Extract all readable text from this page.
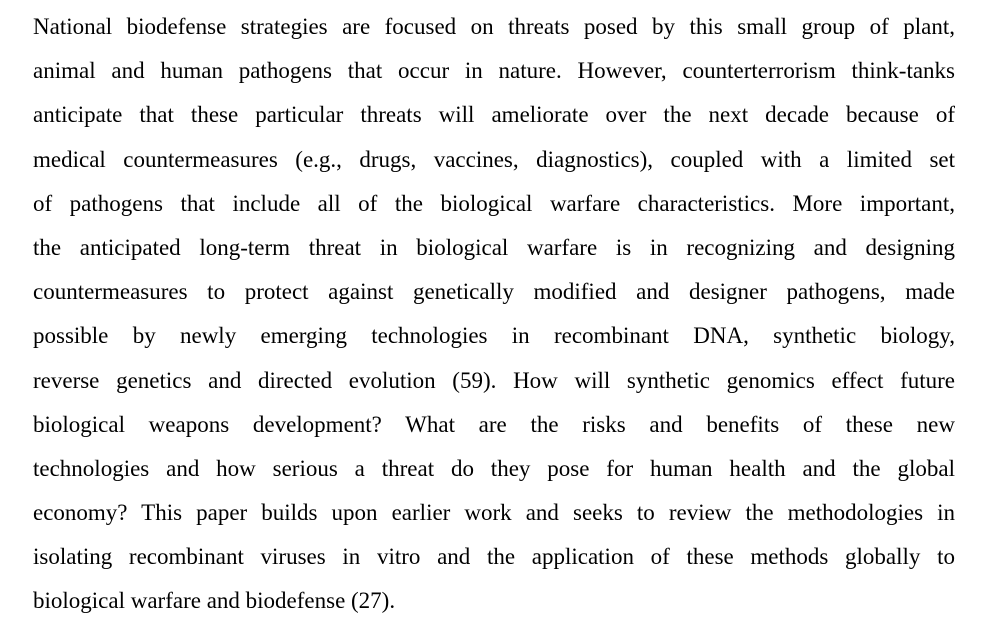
National biodefense strategies are focused on threats posed by this small group of plant,
animal and human pathogens that occur in nature. However, counterterrorism think-tanks
anticipate that these particular threats will ameliorate over the next decade because of
medical countermeasures (e.g., drugs, vaccines, diagnostics), coupled with a limited set
of pathogens that include all of the biological warfare characteristics. More important,
the anticipated long-term threat in biological warfare is in recognizing and designing
countermeasures to protect against genetically modified and designer pathogens, made
possible by newly emerging technologies in recombinant DNA, synthetic biology,
reverse genetics and directed evolution (59). How will synthetic genomics effect future
biological weapons development? What are the risks and benefits of these new
technologies and how serious a threat do they pose for human health and the global
economy? This paper builds upon earlier work and seeks to review the methodologies in
isolating recombinant viruses in vitro and the application of these methods globally to
biological warfare and biodefense (27).
